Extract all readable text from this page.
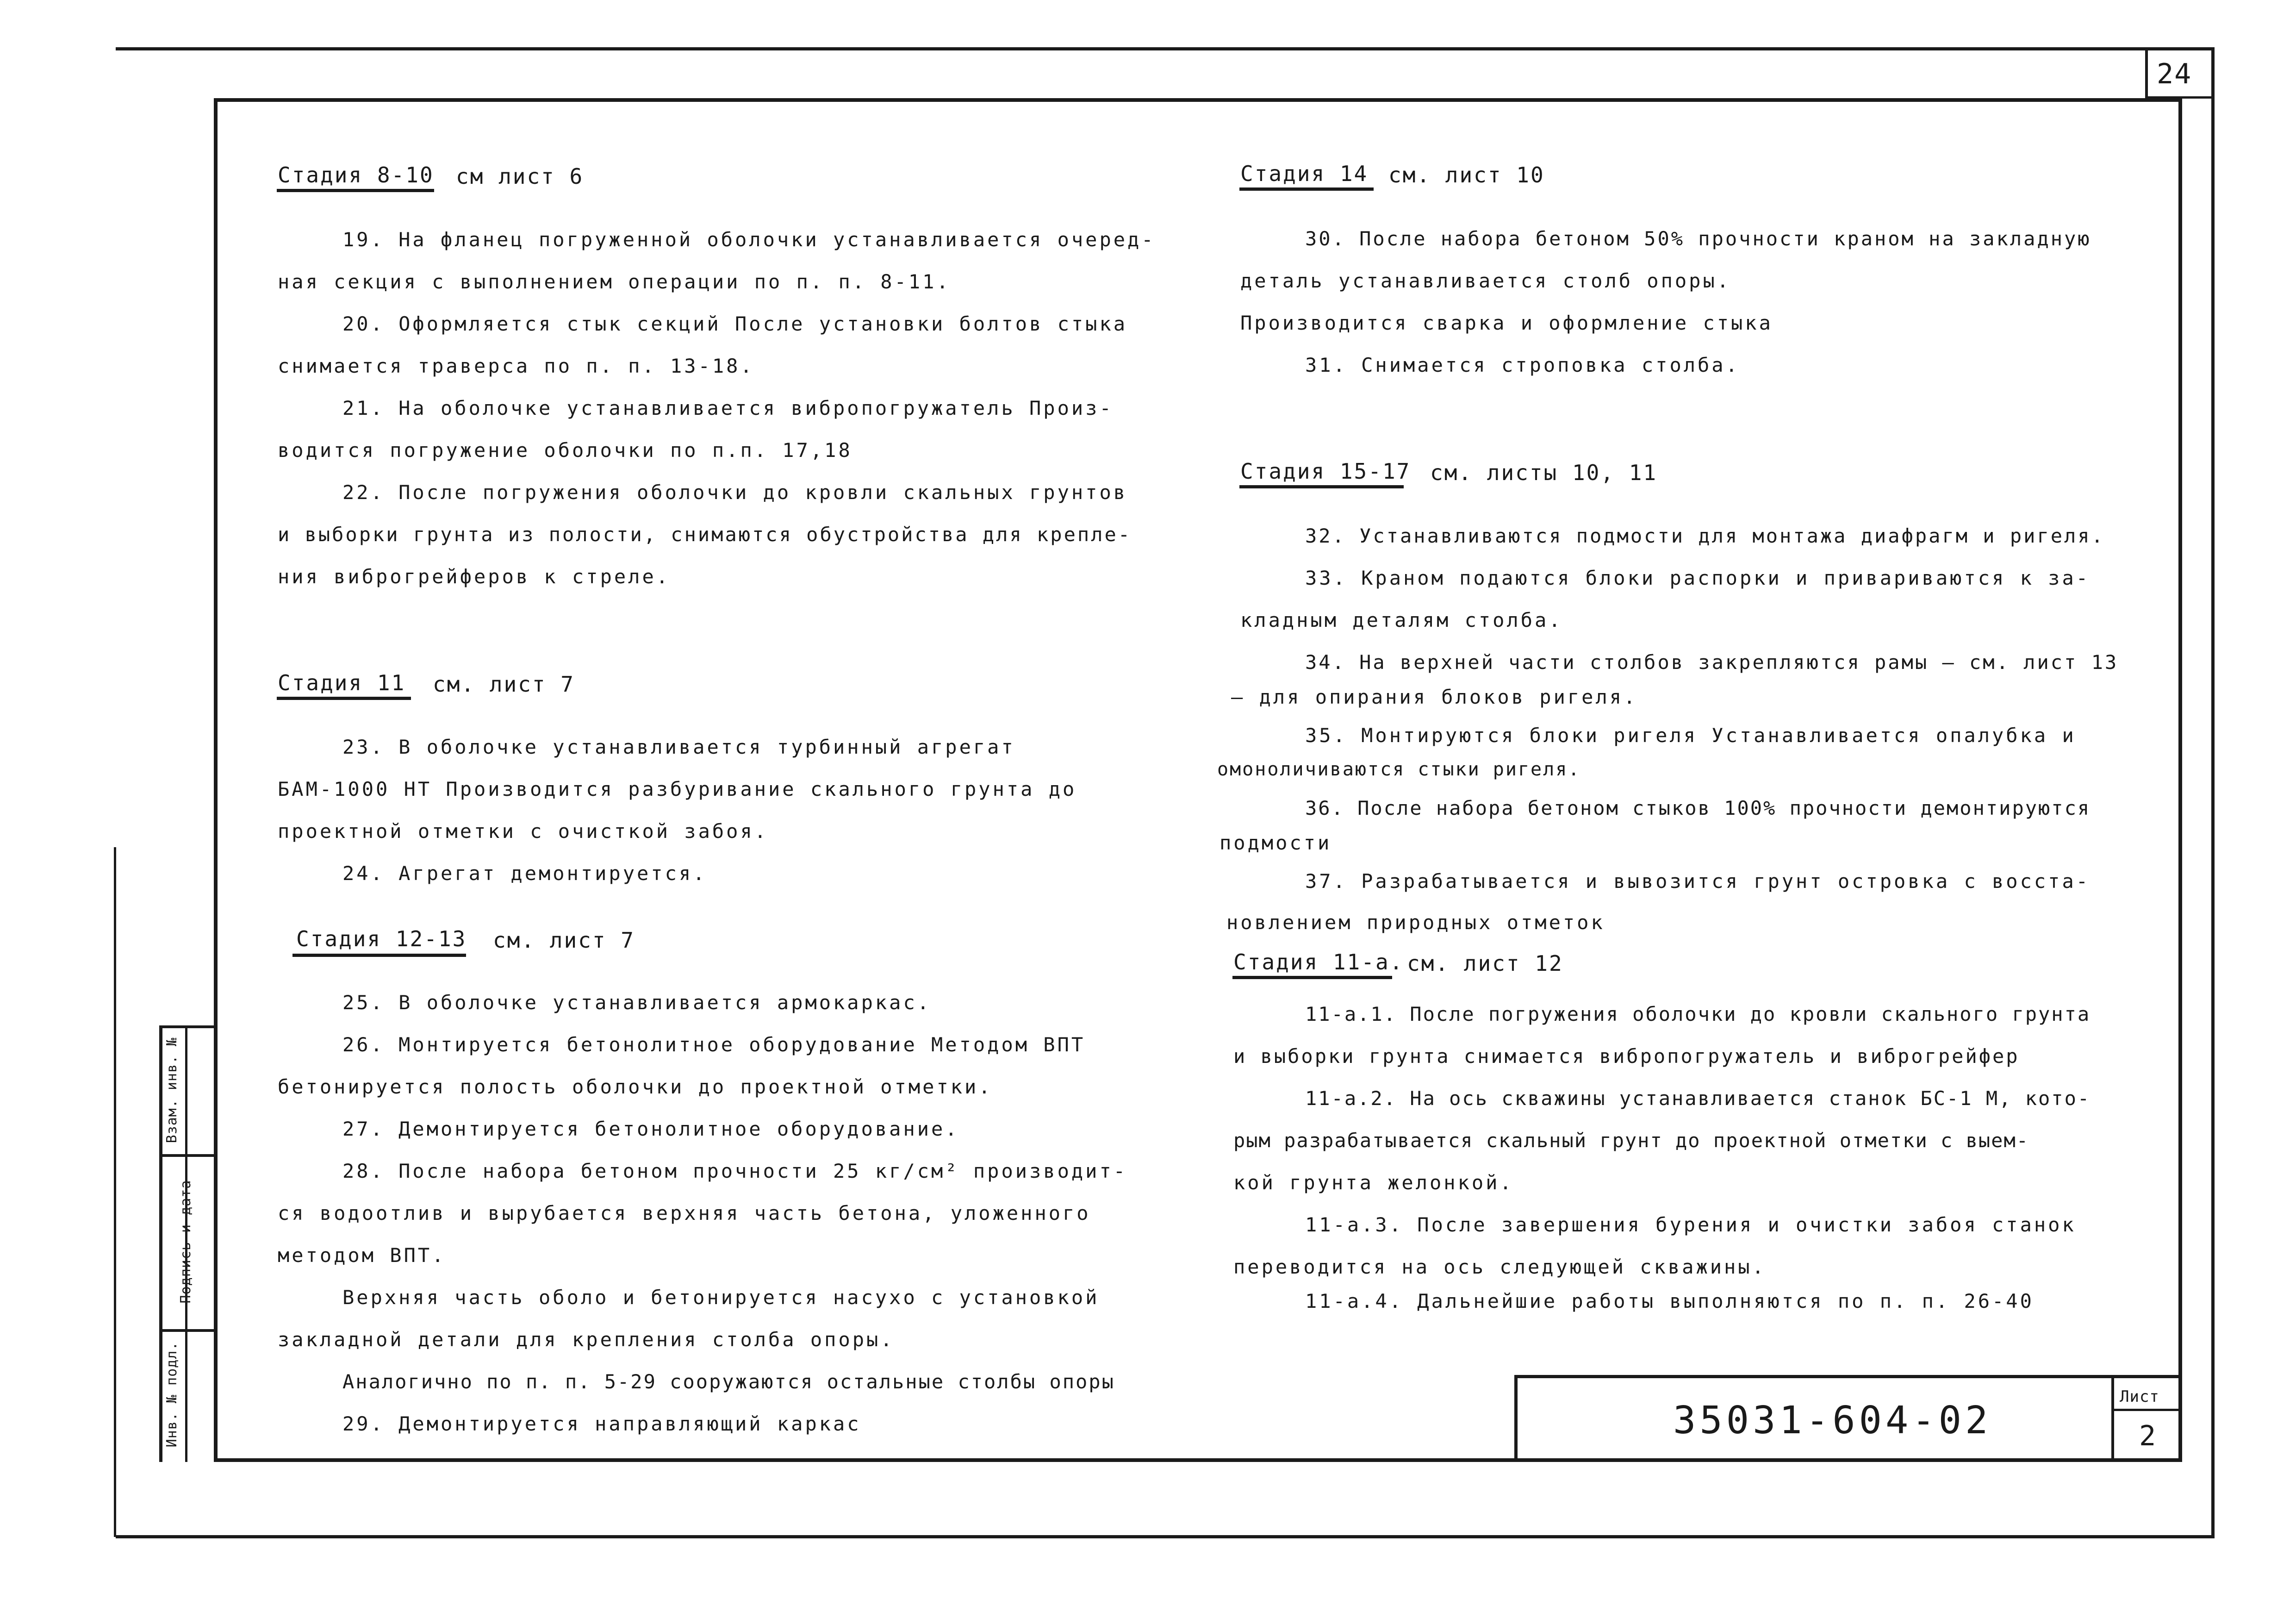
24
Инв. № подл.
Подпись и дата
Взам. инв. №
Стадия 8-10 см лист 6
19. На фланец погруженной оболочки устанавливается очеред-
ная секция с выполнением операции по п. п. 8-11.
20. Оформляется стык секций После установки болтов стыка
снимается траверса по п. п. 13-18.
21. На оболочке устанавливается вибропогружатель Произ-
водится погружение оболочки по п.п. 17,18
22. После погружения оболочки до кровли скальных грунтов
и выборки грунта из полости, снимаются обустройства для крепле-
ния виброгрейферов к стреле.
Стадия 11 см. лист 7
23. В оболочке устанавливается турбинный агрегат
БАМ-1000 НТ Производится разбуривание скального грунта до
проектной отметки с очисткой забоя.
24. Агрегат демонтируется.
Стадия 12-13 см. лист 7
25. В оболочке устанавливается армокаркас.
26. Монтируется бетонолитное оборудование Методом ВПТ
бетонируется полость оболочки до проектной отметки.
27. Демонтируется бетонолитное оборудование.
28. После набора бетоном прочности 25 кг/см² производит-
ся водоотлив и вырубается верхняя часть бетона, уложенного
методом ВПТ.
Верхняя часть оболо и бетонируется насухо с установкой
закладной детали для крепления столба опоры.
Аналогично по п. п. 5-29 сооружаются остальные столбы опоры
29. Демонтируется направляющий каркас
Стадия 14 см. лист 10
30. После набора бетоном 50% прочности краном на закладную
деталь устанавливается столб опоры.
Производится сварка и оформление стыка
31. Снимается строповка столба.
Стадия 15-17 см. листы 10, 11
32. Устанавливаются подмости для монтажа диафрагм и ригеля.
33. Краном подаются блоки распорки и привариваются к за-
кладным деталям столба.
34. На верхней части столбов закрепляются рамы – см. лист 13
– для опирания блоков ригеля.
35. Монтируются блоки ригеля Устанавливается опалубка и
омоноличиваются стыки ригеля.
36. После набора бетоном стыков 100% прочности демонтируются
подмости
37. Разрабатывается и вывозится грунт островка с восста-
новлением природных отметок
Стадия 11-а. см. лист 12
11-а.1. После погружения оболочки до кровли скального грунта
и выборки грунта снимается вибропогружатель и виброгрейфер
11-а.2. На ось скважины устанавливается станок БС-1 М, кото-
рым разрабатывается скальный грунт до проектной отметки с выем-
кой грунта желонкой.
11-а.3. После завершения бурения и очистки забоя станок
переводится на ось следующей скважины.
11-а.4. Дальнейшие работы выполняются по п. п. 26-40
35031-604-02
Лист
2
